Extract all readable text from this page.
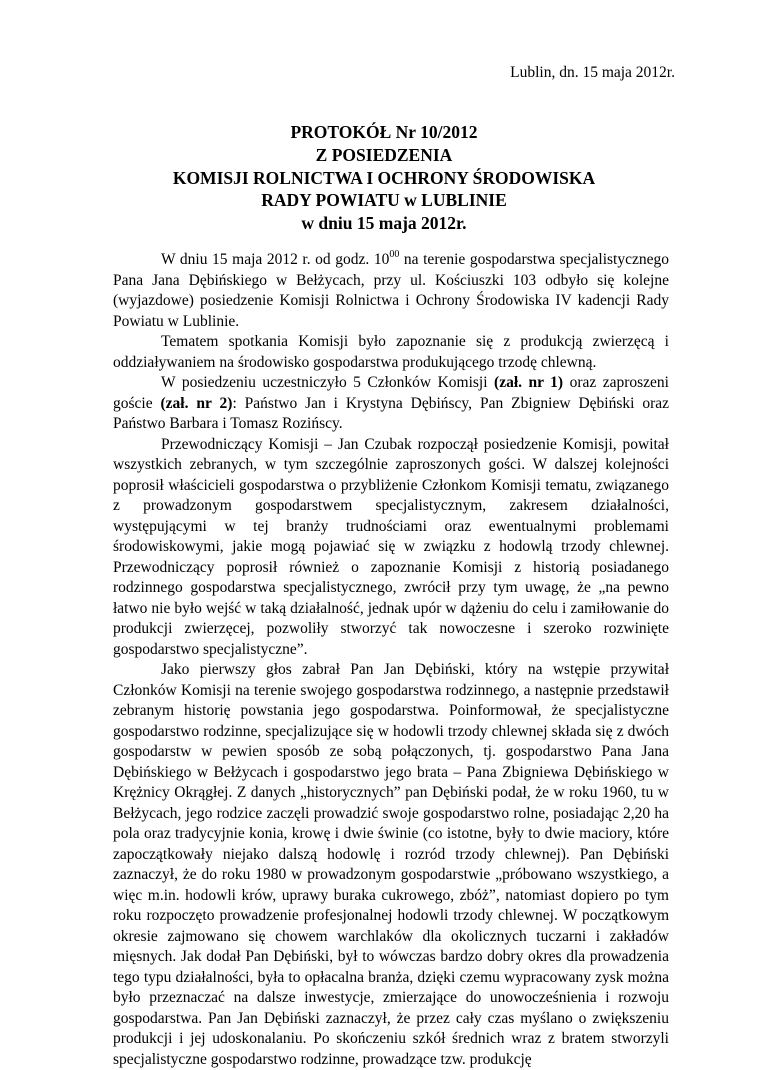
Lublin, dn. 15 maja 2012r.
PROTOKÓŁ Nr 10/2012
Z POSIEDZENIA
KOMISJI ROLNICTWA I OCHRONY ŚRODOWISKA
RADY POWIATU w LUBLINIE
w dniu 15 maja 2012r.

W dniu 15 maja 2012 r. od godz. $10^{00}$ na terenie gospodarstwa specjalistycznego Pana Jana Dębińskiego w Bełżycach, przy ul. Kościuszki 103 odbyło się kolejne (wyjazdowe) posiedzenie Komisji Rolnictwa i Ochrony Środowiska IV kadencji Rady Powiatu w Lublinie.

Tematem spotkania Komisji było zapoznanie się z produkcją zwierzęcą i oddziaływaniem na środowisko gospodarstwa produkującego trzodę chlewną.

W posiedzeniu uczestniczyło 5 Członków Komisji (zał. nr 1) oraz zaproszeni goście (zał. nr 2): Państwo Jan i Krystyna Dębińscy, Pan Zbigniew Dębiński oraz Państwo Barbara i Tomasz Rozińscy.

Przewodniczący Komisji – Jan Czubak rozpoczął posiedzenie Komisji, powitał wszystkich zebranych, w tym szczególnie zaproszonych gości. W dalszej kolejności poprosił właścicieli gospodarstwa o przybliżenie Członkom Komisji tematu, związanego z prowadzonym gospodarstwem specjalistycznym, zakresem działalności, występującymi w tej branży trudnościami oraz ewentualnymi problemami środowiskowymi, jakie mogą pojawiać się w związku z hodowlą trzody chlewnej. Przewodniczący poprosił również o zapoznanie Komisji z historią posiadanego rodzinnego gospodarstwa specjalistycznego, zwrócił przy tym uwagę, że „na pewno łatwo nie było wejść w taką działalność, jednak upór w dążeniu do celu i zamiłowanie do produkcji zwierzęcej, pozwoliły stworzyć tak nowoczesne i szeroko rozwinięte gospodarstwo specjalistyczne”.

Jako pierwszy głos zabrał Pan Jan Dębiński, który na wstępie przywitał Członków Komisji na terenie swojego gospodarstwa rodzinnego, a następnie przedstawił zebranym historię powstania jego gospodarstwa. Poinformował, że specjalistyczne gospodarstwo rodzinne, specjalizujące się w hodowli trzody chlewnej składa się z dwóch gospodarstw w pewien sposób ze sobą połączonych, tj. gospodarstwo Pana Jana Dębińskiego w Bełżycach i gospodarstwo jego brata – Pana Zbigniewa Dębińskiego w Krężnicy Okrągłej. Z danych „historycznych” pan Dębiński podał, że w roku 1960, tu w Bełżycach, jego rodzice zaczęli prowadzić swoje gospodarstwo rolne, posiadając 2,20 ha pola oraz tradycyjnie konia, krowę i dwie świnie (co istotne, były to dwie maciory, które zapoczątkowały niejako dalszą hodowlę i rozród trzody chlewnej). Pan Dębiński zaznaczył, że do roku 1980 w prowadzonym gospodarstwie „próbowano wszystkiego, a więc m.in. hodowli krów, uprawy buraka cukrowego, zbóż”, natomiast dopiero po tym roku rozpoczęto prowadzenie profesjonalnej hodowli trzody chlewnej. W początkowym okresie zajmowano się chowem warchlaków dla okolicznych tuczarni i zakładów mięsnych. Jak dodał Pan Dębiński, był to wówczas bardzo dobry okres dla prowadzenia tego typu działalności, była to opłacalna branża, dzięki czemu wypracowany zysk można było przeznaczać na dalsze inwestycje, zmierzające do unowocześnienia i rozwoju gospodarstwa. Pan Jan Dębiński zaznaczył, że przez cały czas myślano o zwiększeniu produkcji i jej udoskonalaniu. Po skończeniu szkół średnich wraz z bratem stworzyli specjalistyczne gospodarstwo rodzinne, prowadzące tzw. produkcję
